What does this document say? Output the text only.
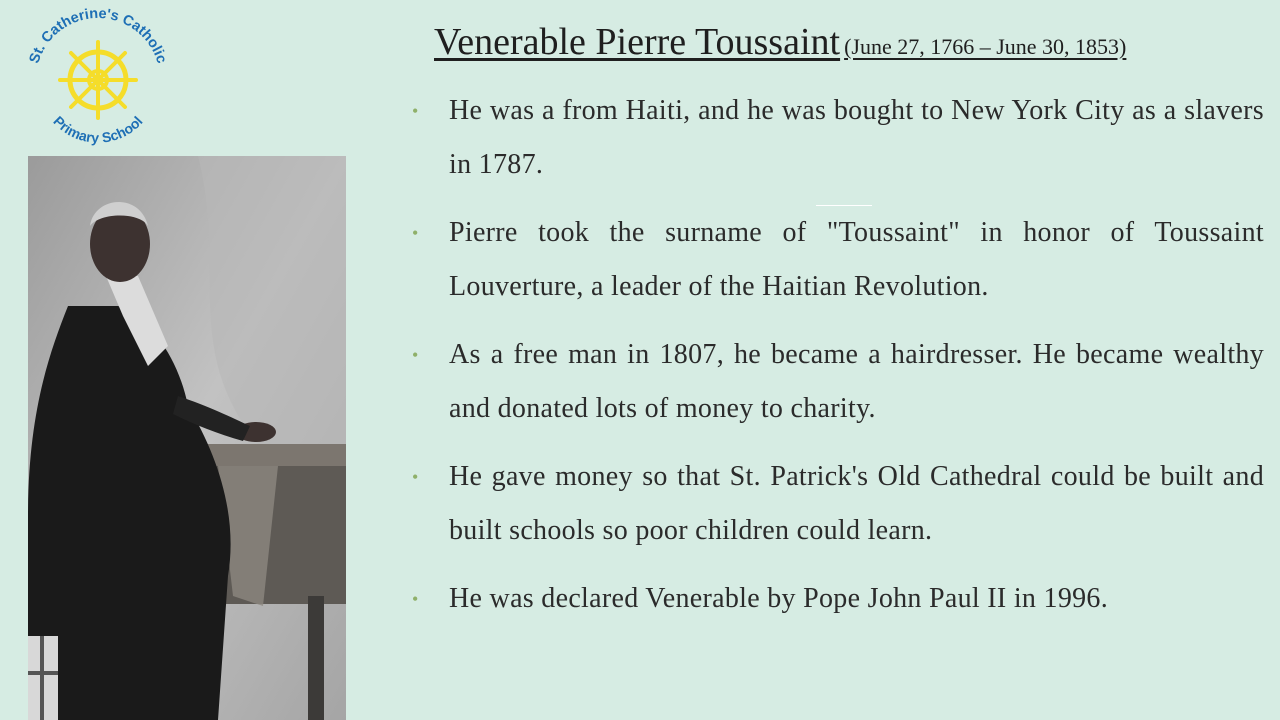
St. Catherine's Catholic
Primary School
Venerable Pierre Toussaint (June 27, 1766 – June 30, 1853)
• He was a from Haiti, and he was bought to New York City as a slavers in 1787.
• Pierre took the surname of "Toussaint" in honor of Toussaint Louverture, a leader of the Haitian Revolution.
• As a free man in 1807, he became a hairdresser. He became wealthy and donated lots of money to charity.
• He gave money so that St. Patrick's Old Cathedral could be built and built schools so poor children could learn.
• He was declared Venerable by Pope John Paul II in 1996.
